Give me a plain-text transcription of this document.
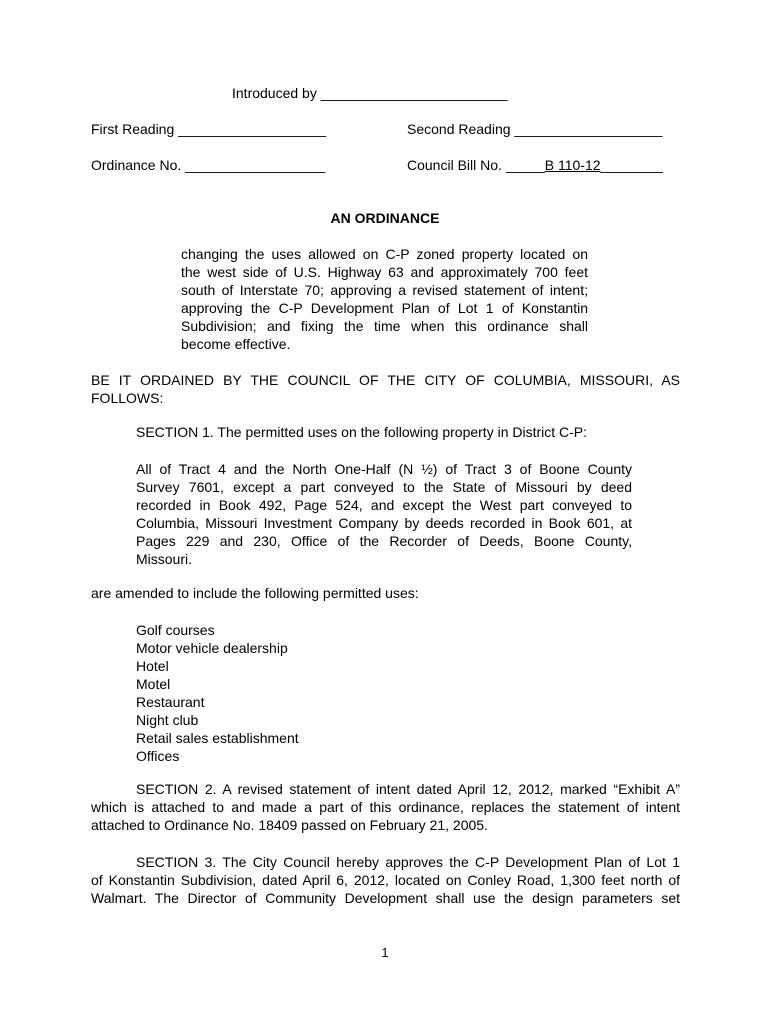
Introduced by ________________________
First Reading ___________________	Second Reading ___________________
Ordinance No. __________________	Council Bill No. _____B 110-12________
AN ORDINANCE
changing the uses allowed on C-P zoned property located on
the west side of U.S. Highway 63 and approximately 700 feet
south of Interstate 70; approving a revised statement of intent;
approving the C-P Development Plan of Lot 1 of Konstantin
Subdivision; and fixing the time when this ordinance shall
become effective.
BE IT ORDAINED BY THE COUNCIL OF THE CITY OF COLUMBIA, MISSOURI, AS
FOLLOWS:
SECTION 1. The permitted uses on the following property in District C-P:
All of Tract 4 and the North One-Half (N ½) of Tract 3 of Boone County
Survey 7601, except a part conveyed to the State of Missouri by deed
recorded in Book 492, Page 524, and except the West part conveyed to
Columbia, Missouri Investment Company by deeds recorded in Book 601, at
Pages 229 and 230, Office of the Recorder of Deeds, Boone County,
Missouri.
are amended to include the following permitted uses:
Golf courses
Motor vehicle dealership
Hotel
Motel
Restaurant
Night club
Retail sales establishment
Offices
SECTION 2. A revised statement of intent dated April 12, 2012, marked “Exhibit A”
which is attached to and made a part of this ordinance, replaces the statement of intent
attached to Ordinance No. 18409 passed on February 21, 2005.
SECTION 3. The City Council hereby approves the C-P Development Plan of Lot 1
of Konstantin Subdivision, dated April 6, 2012, located on Conley Road, 1,300 feet north of
Walmart. The Director of Community Development shall use the design parameters set
1
